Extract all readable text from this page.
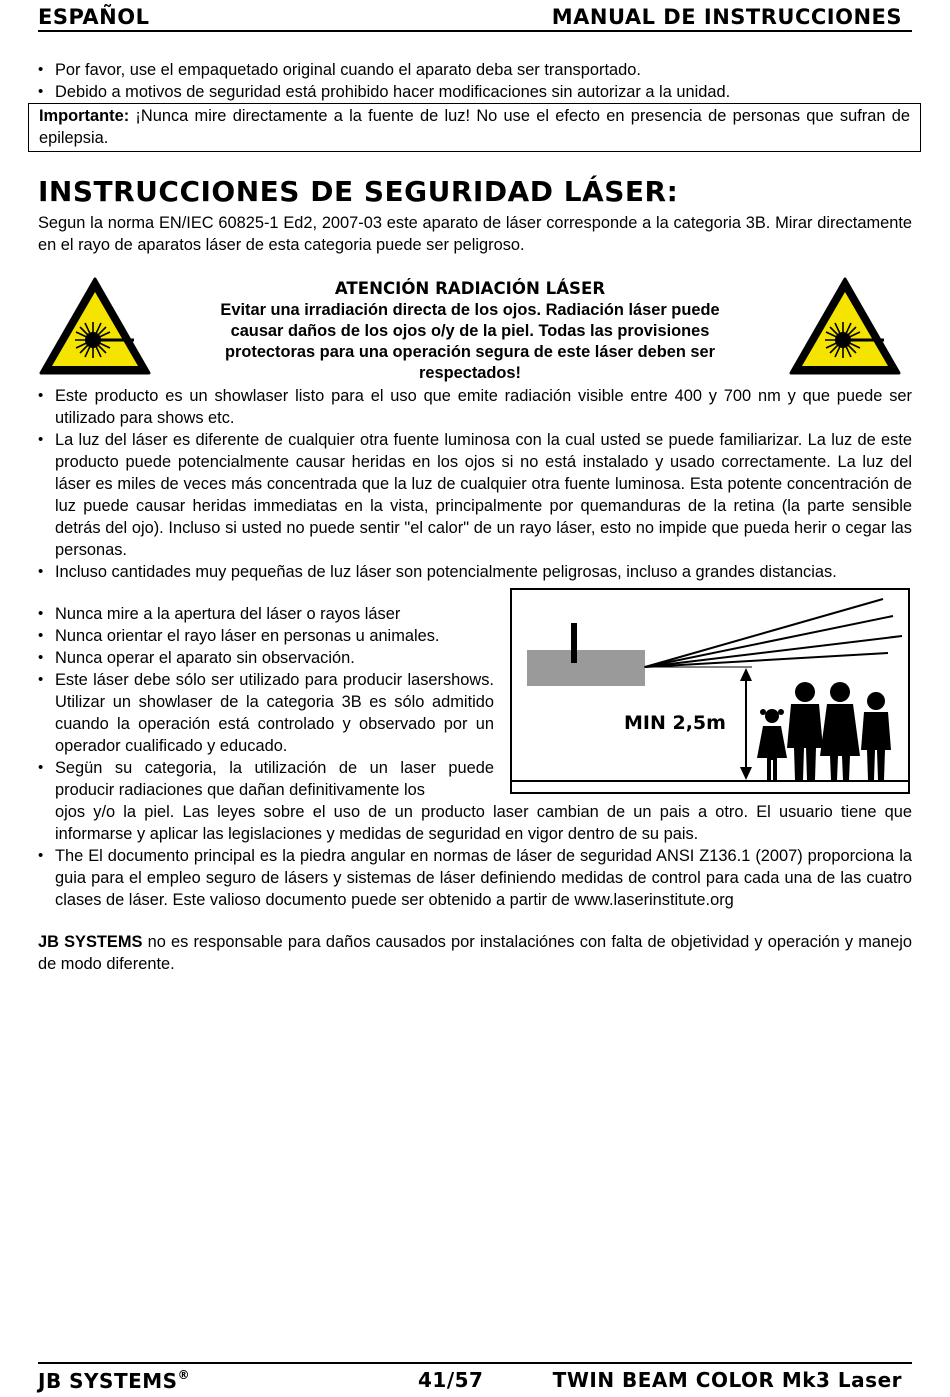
ESPAÑOL	MANUAL DE INSTRUCCIONES
• Por favor, use el empaquetado original cuando el aparato deba ser transportado.
• Debido a motivos de seguridad está prohibido hacer modificaciones sin autorizar a la unidad.
Importante: ¡Nunca mire directamente a la fuente de luz! No use el efecto en presencia de personas que sufran de epilepsia.
INSTRUCCIONES DE SEGURIDAD LÁSER:

Segun la norma EN/IEC 60825-1 Ed2, 2007-03 este aparato de láser corresponde a la categoria 3B. Mirar directamente en el rayo de aparatos láser de esta categoria puede ser peligroso.

ATENCIÓN RADIACIÓN LÁSER
Evitar una irradiación directa de los ojos. Radiación láser puede
causar daños de los ojos o/y de la piel. Todas las provisiones
protectoras para una operación segura de este láser deben ser
respectados!
• Este producto es un showlaser listo para el uso que emite radiación visible entre 400 y 700 nm y que puede ser utilizado para shows etc.
• La luz del láser es diferente de cualquier otra fuente luminosa con la cual usted se puede familiarizar. La luz de este producto puede potencialmente causar heridas en los ojos si no está instalado y usado correctamente. La luz del láser es miles de veces más concentrada que la luz de cualquier otra fuente luminosa. Esta potente concentración de luz puede causar heridas immediatas en la vista, principalmente por quemanduras de la retina (la parte sensible detrás del ojo). Incluso si usted no puede sentir "el calor" de un rayo láser, esto no impide que pueda herir o cegar las personas.
• Incluso cantidades muy pequeñas de luz láser son potencialmente peligrosas, incluso a grandes distancias.
• Nunca mire a la apertura del láser o rayos láser
• Nunca orientar el rayo láser en personas u animales.
• Nunca operar el aparato sin observación.
• Este láser debe sólo ser utilizado para producir lasershows. Utilizar un showlaser de la categoria 3B es sólo admitido cuando la operación está controlado y observado por un operador cualificado y educado.
• Segün su categoria, la utilización de un laser puede producir radiaciones que dañan definitivamente los

ojos y/o la piel. Las leyes sobre el uso de un producto laser cambian de un pais a otro. El usuario tiene que informarse y aplicar las legislaciones y medidas de seguridad en vigor dentro de su pais.

• The El documento principal es la piedra angular en normas de láser de seguridad ANSI Z136.1 (2007) proporciona la guia para el empleo seguro de lásers y sistemas de láser definiendo medidas de control para cada una de las cuatro clases de láser. Este valioso documento puede ser obtenido a partir de www.laserinstitute.org

JB SYSTEMS no es responsable para daños causados por instalaciónes con falta de objetividad y operación y manejo de modo diferente.

MIN 2,5m
JB SYSTEMS®	41/57	TWIN BEAM COLOR Mk3 Laser
